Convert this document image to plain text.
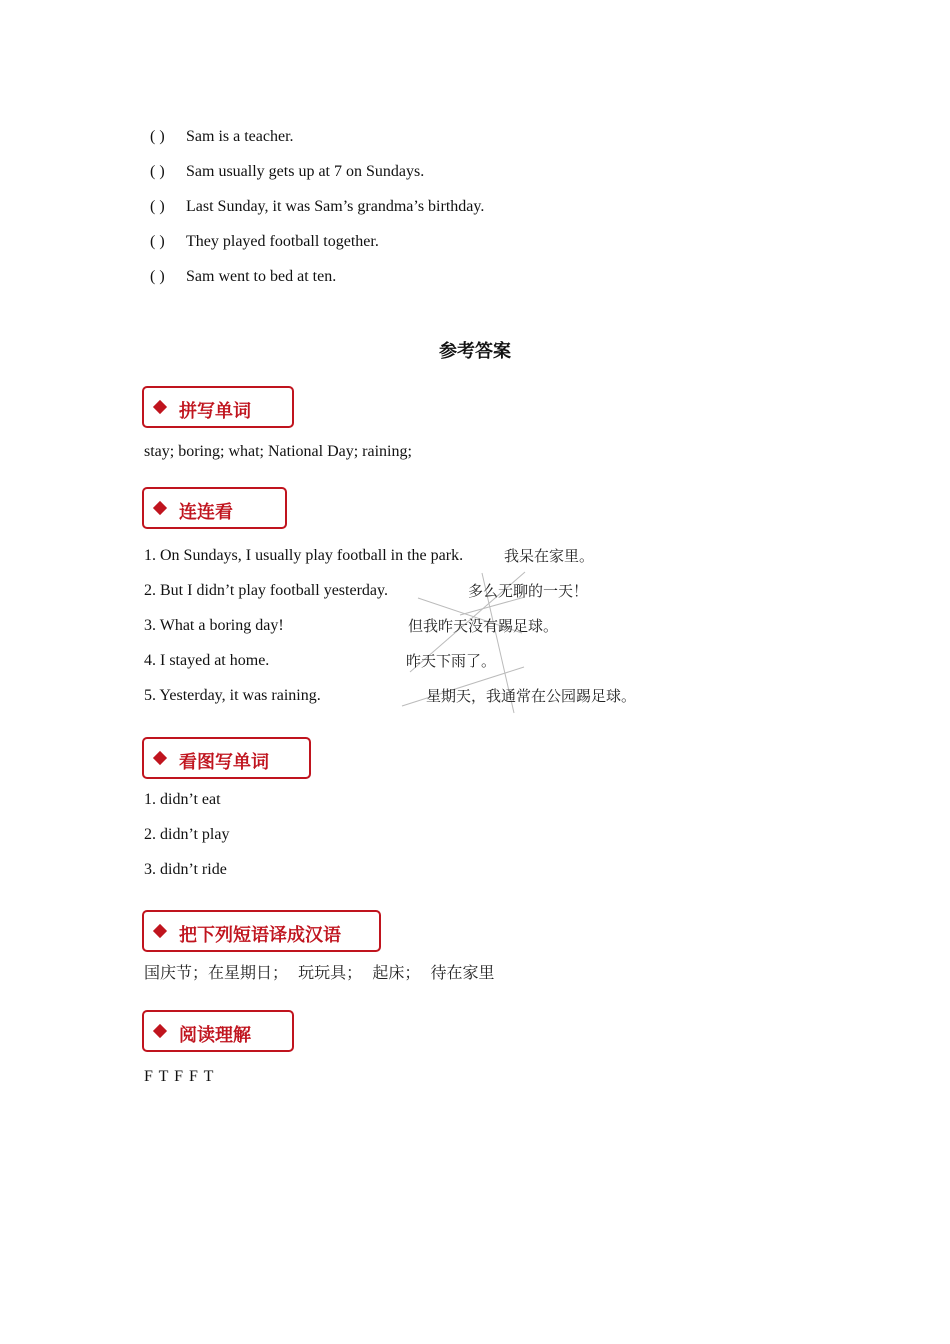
( ) Sam is a teacher.
( ) Sam usually gets up at 7 on Sundays.
( ) Last Sunday, it was Sam’s grandma’s birthday.
( ) They played football together.
( ) Sam went to bed at ten.
参考答案
拼写单词
stay; boring; what; National Day; raining;
连连看
1. On Sundays, I usually play football in the park.
2. But I didn’t play football yesterday.
3. What a boring day!
4. I stayed at home.
5. Yesterday, it was raining.
我呆在家里。
多么无聊的一天！
但我昨天没有踢足球。
昨天下雨了。
星期天，我通常在公园踢足球。
看图写单词
1. didn’t eat
2. didn’t play
3. didn’t ride
把下列短语译成汉语
国庆节；在星期日；  玩玩具；  起床；  待在家里
阅读理解
F T F F T
